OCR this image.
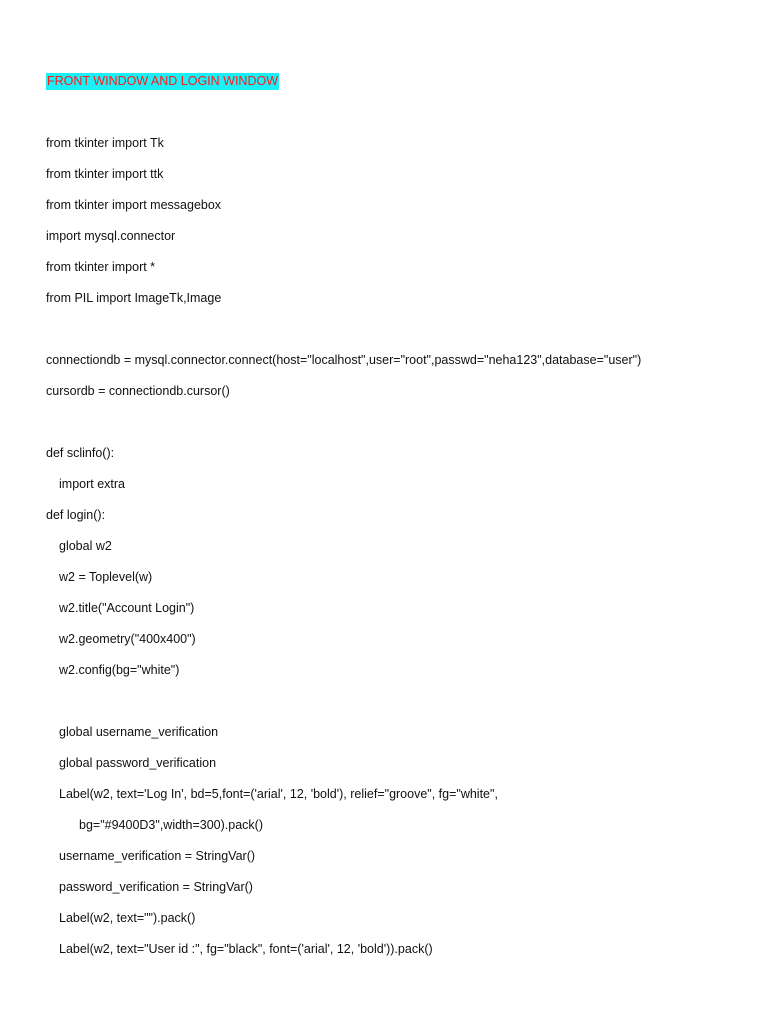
FRONT WINDOW AND LOGIN WINDOW
from tkinter import Tk
from tkinter import ttk
from tkinter import messagebox
import mysql.connector
from tkinter import *
from PIL import ImageTk,Image
connectiondb = mysql.connector.connect(host="localhost",user="root",passwd="neha123",database="user")
cursordb = connectiondb.cursor()
def sclinfo():
import extra
def login():
global w2
w2 = Toplevel(w)
w2.title("Account Login")
w2.geometry("400x400")
w2.config(bg="white")
global username_verification
global password_verification
Label(w2, text='Log In', bd=5,font=('arial', 12, 'bold'), relief="groove", fg="white",
bg="#9400D3",width=300).pack()
username_verification = StringVar()
password_verification = StringVar()
Label(w2, text="").pack()
Label(w2, text="User id :", fg="black", font=('arial', 12, 'bold')).pack()
